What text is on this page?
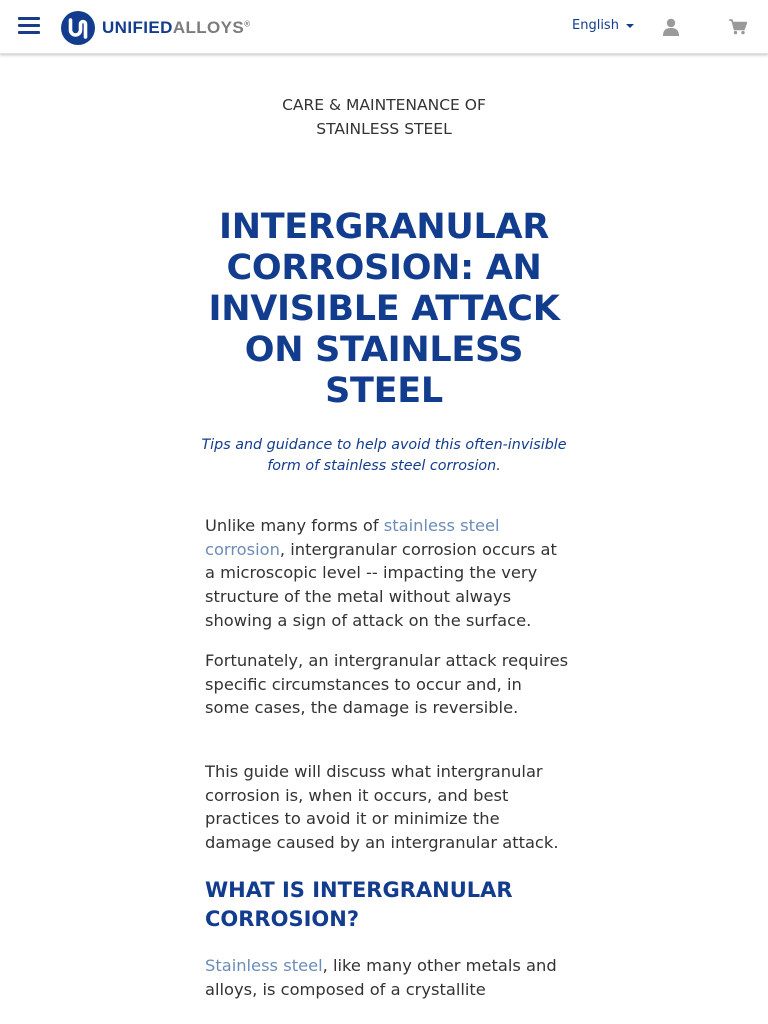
UNIFIEDALLOYS®	English
CARE & MAINTENANCE OF
STAINLESS STEEL
INTERGRANULAR
CORROSION: AN
INVISIBLE ATTACK
ON STAINLESS
STEEL

Tips and guidance to help avoid this often-invisible
form of stainless steel corrosion.

Unlike many forms of stainless steel corrosion, intergranular corrosion occurs at a microscopic level -- impacting the very structure of the metal without always showing a sign of attack on the surface.

Fortunately, an intergranular attack requires specific circumstances to occur and, in some cases, the damage is reversible.

This guide will discuss what intergranular corrosion is, when it occurs, and best practices to avoid it or minimize the damage caused by an intergranular attack.

WHAT IS INTERGRANULAR
CORROSION?

Stainless steel, like many other metals and alloys, is composed of a crystallite
